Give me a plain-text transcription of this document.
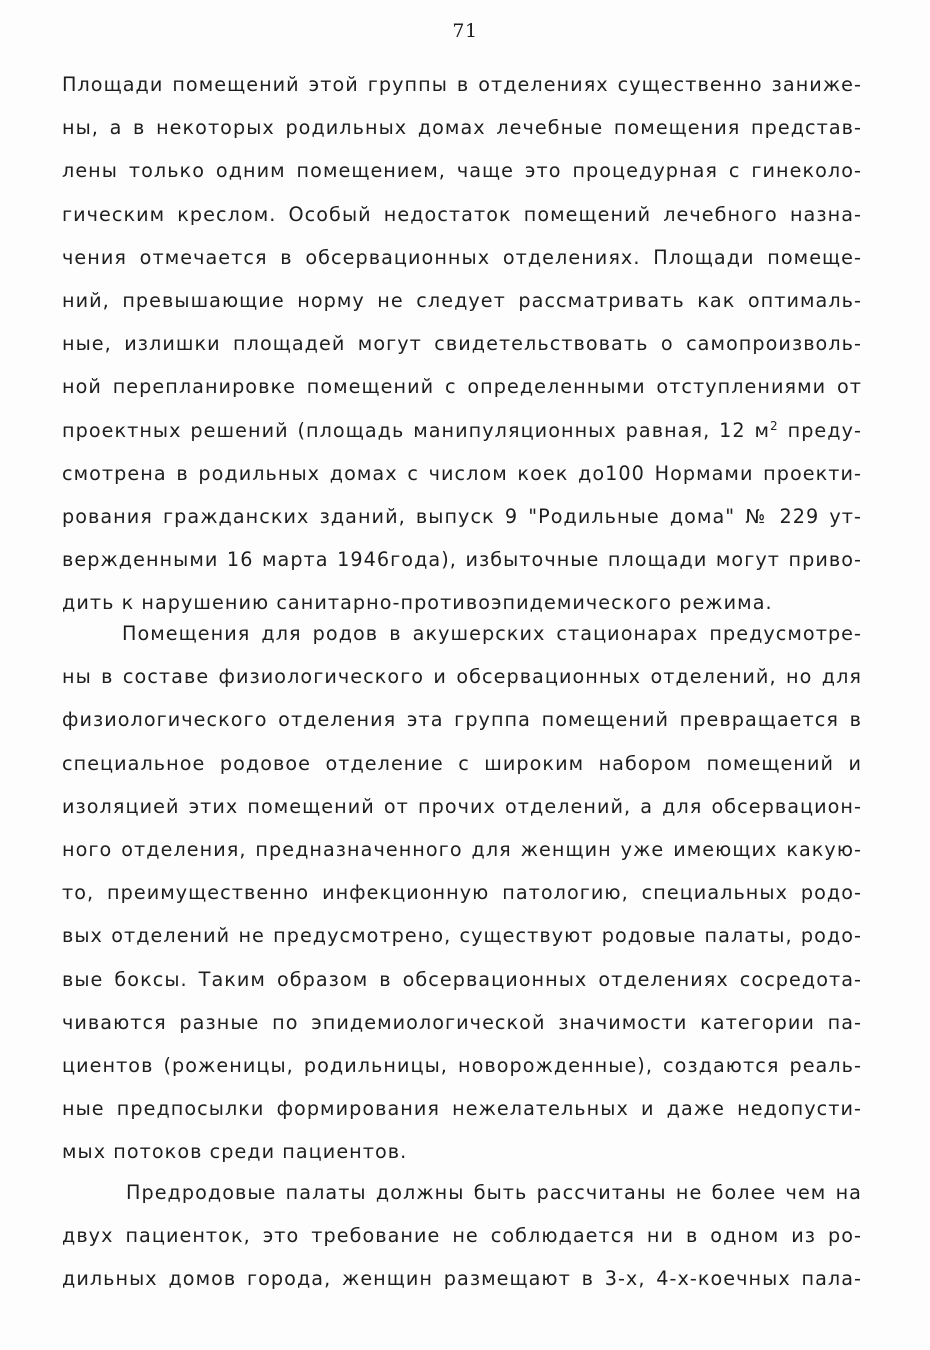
71
Площади помещений этой группы в отделениях существенно занижe-
ны, а в некоторых родильных домах лечебные помещения представ-
лены только одним помещением, чаще это процедурная с гинеколо-
гическим креслом. Особый недостаток помещений лечебного назна-
чения отмечается в обсервационных отделениях. Площади помеще-
ний, превышающие норму не следует рассматривать как оптималь-
ные, излишки площадей могут свидетельствовать о самопроизволь-
ной перепланировке помещений с определенными отступлениями от
проектных решений (площадь манипуляционных равная, 12 $м^2$ преду-
смотрена в родильных домах с числом коек до100 Нормами проекти-
рования гражданских зданий, выпуск 9 "Родильные дома" № 229 ут-
вержденными 16 марта 1946года), избыточные площади могут приво-
дить к нарушению санитарно-противоэпидемического режима.
Помещения для родов в акушерских стационарах предусмотре-
ны в составе физиологического и обсервационных отделений, но для
физиологического отделения эта группа помещений превращается в
специальное родовое отделение с широким набором помещений и
изоляцией этих помещений от прочих отделений, а для обсервацион-
ного отделения, предназначенного для женщин уже имеющих какую-
то, преимущественно инфекционную патологию, специальных родо-
вых отделений не предусмотрено, существуют родовые палаты, родо-
вые боксы. Таким образом в обсервационных отделениях сосредота-
чиваются разные по эпидемиологической значимости категории па-
циентов (роженицы, родильницы, новорожденные), создаются реаль-
ные предпосылки формирования нежелательных и даже недопусти-
мых потоков среди пациентов.
Предродовые палаты должны быть рассчитаны не более чем на
двух пациенток, это требование не соблюдается ни в одном из ро-
дильных домов города, женщин размещают в 3-х, 4-х-коечных пала-
